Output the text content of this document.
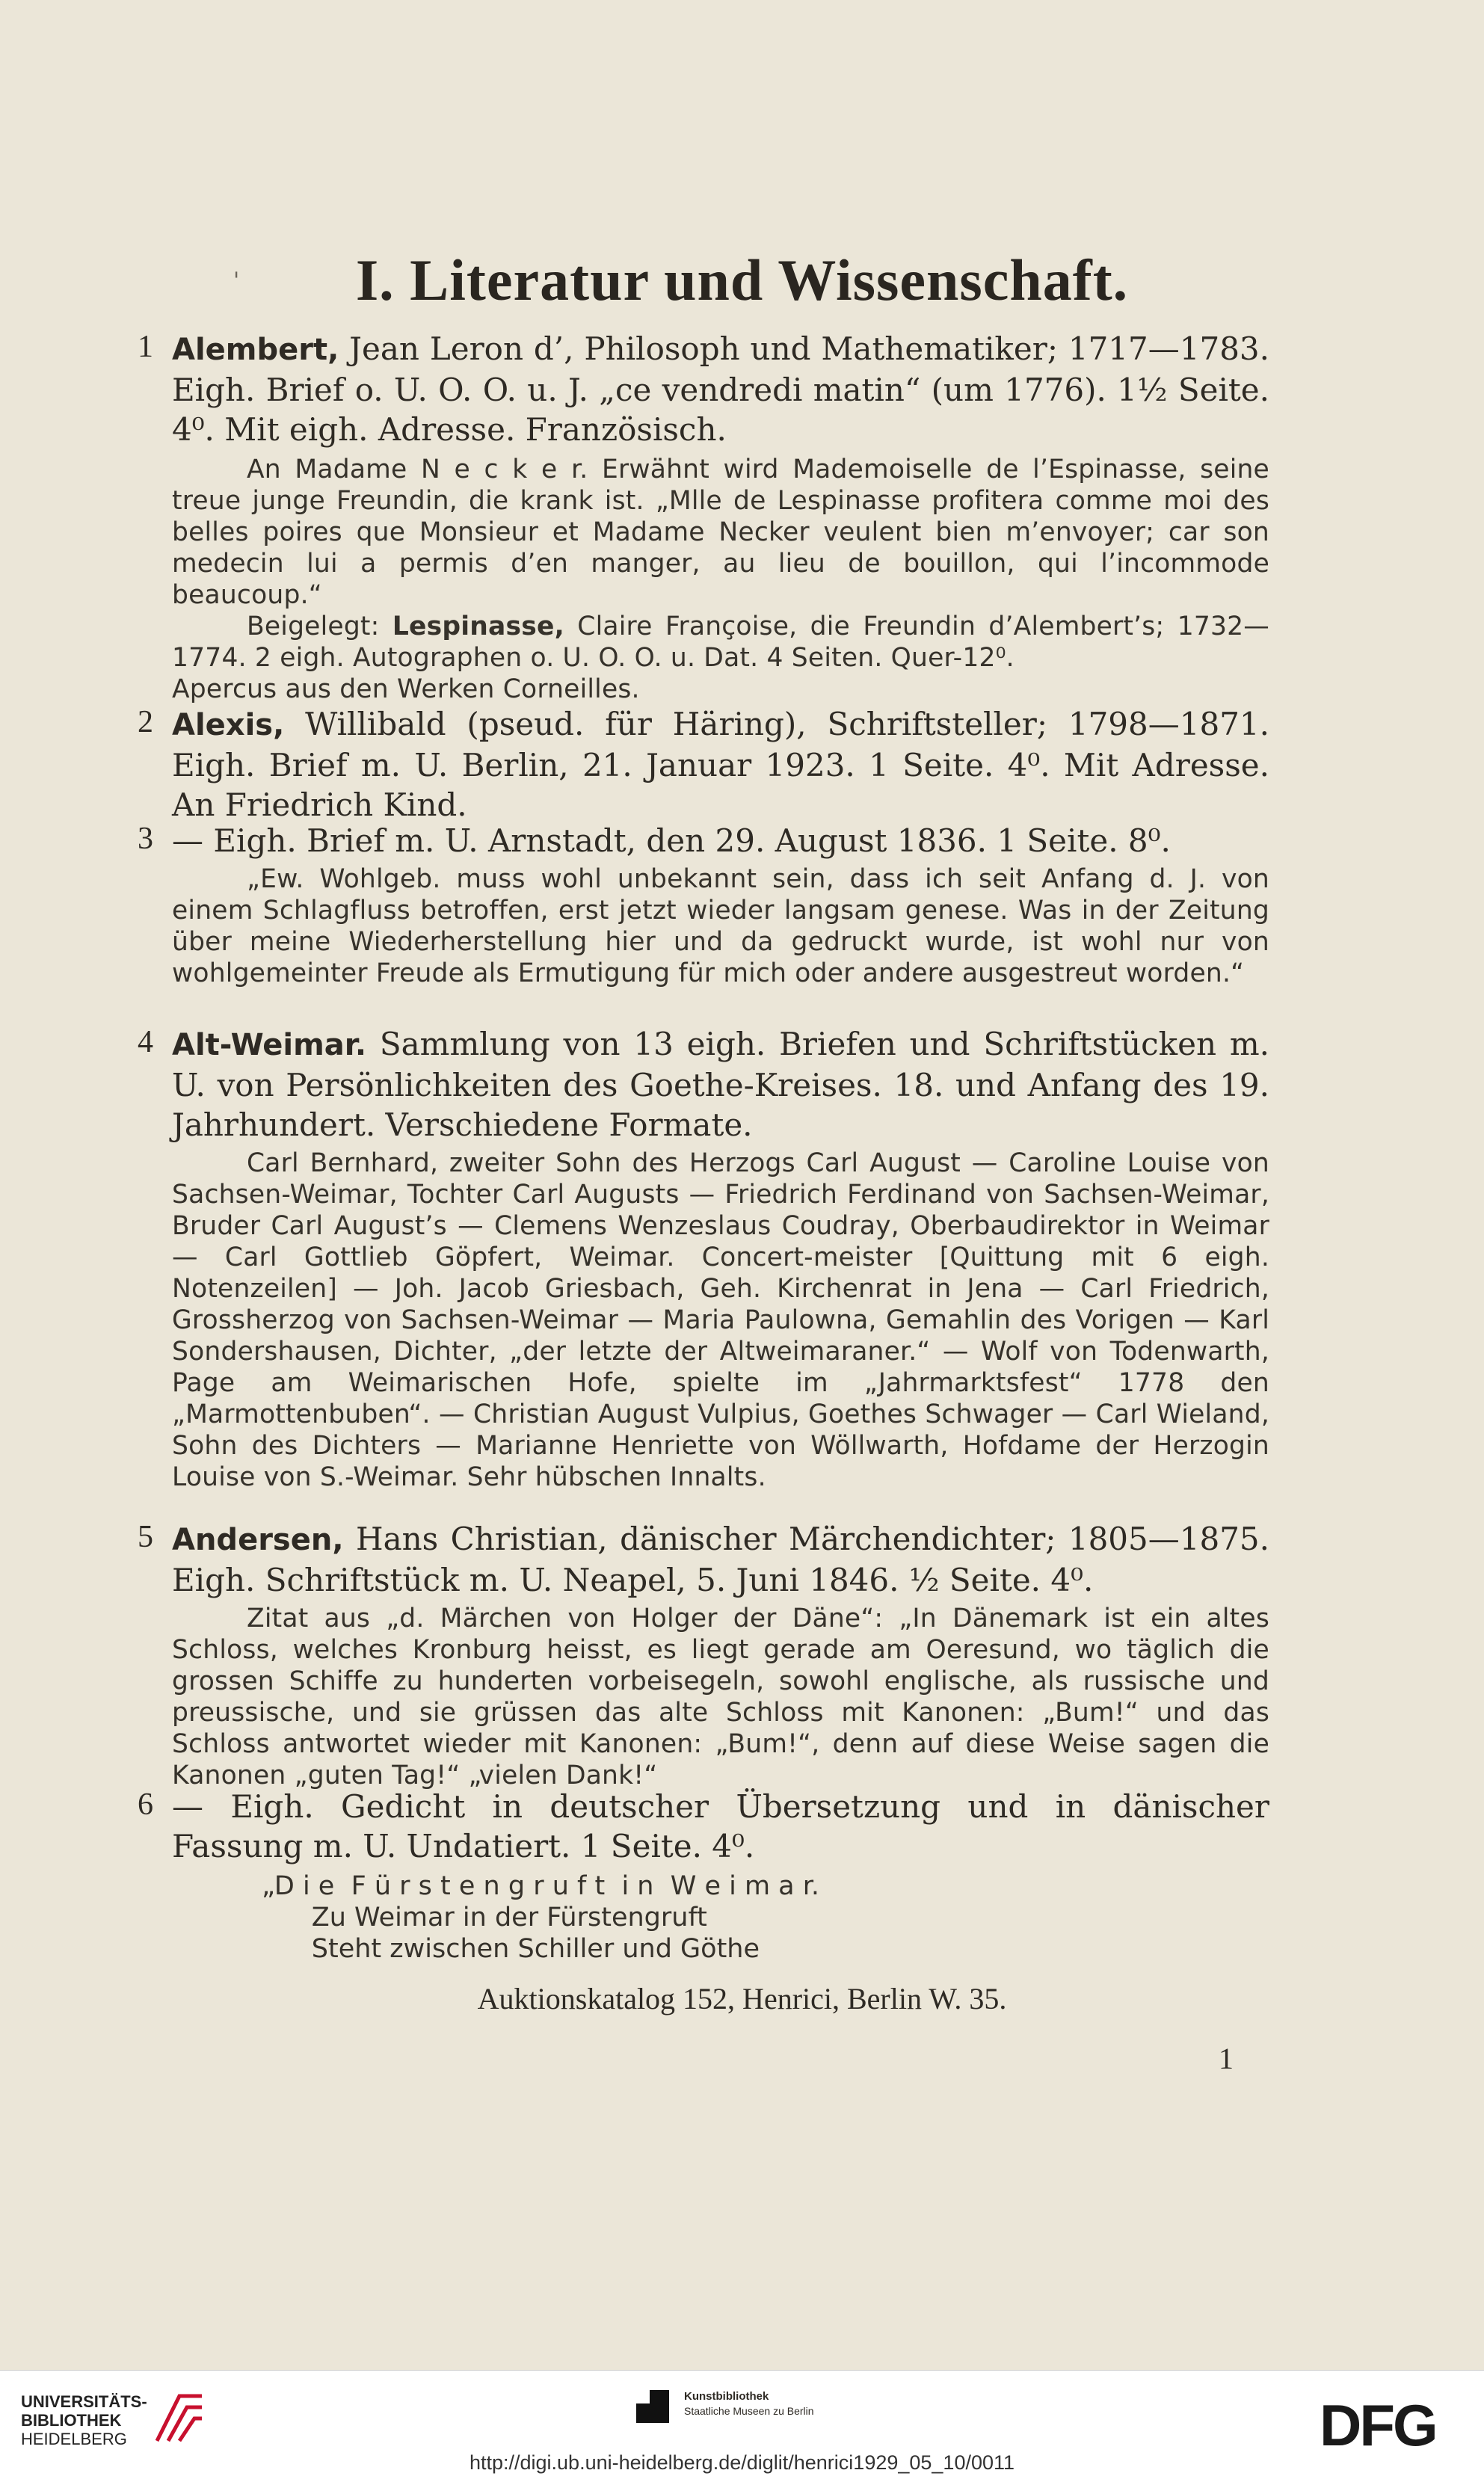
'	I. Literatur und Wissenschaft.
1 Alembert, Jean Leron d’, Philosoph und Mathematiker; 1717—1783. Eigh. Brief o. U. O. O. u. J. „ce vendredi matin“ (um 1776). 1½ Seite. 4⁰. Mit eigh. Adresse. Französisch.

An Madame N e c k e r. Erwähnt wird Mademoiselle de l’Espinasse, seine treue junge Freundin, die krank ist. „Mlle de Lespinasse profitera comme moi des belles poires que Monsieur et Madame Necker veulent bien m’envoyer; car son medecin lui a permis d’en manger, au lieu de bouillon, qui l’incommode beaucoup.“

Beigelegt: Lespinasse, Claire Françoise, die Freundin d’Alembert’s; 1732—1774. 2 eigh. Autographen o. U. O. O. u. Dat. 4 Seiten. Quer-12⁰.

Apercus aus den Werken Corneilles.

2 Alexis, Willibald (pseud. für Häring), Schriftsteller; 1798—1871. Eigh. Brief m. U. Berlin, 21. Januar 1923. 1 Seite. 4⁰. Mit Adresse. An Friedrich Kind.

3 — Eigh. Brief m. U. Arnstadt, den 29. August 1836. 1 Seite. 8⁰.

„Ew. Wohlgeb. muss wohl unbekannt sein, dass ich seit Anfang d. J. von einem Schlagfluss betroffen, erst jetzt wieder langsam genese. Was in der Zeitung über meine Wiederherstellung hier und da gedruckt wurde, ist wohl nur von wohlgemeinter Freude als Ermutigung für mich oder andere ausgestreut worden.“

4 Alt-Weimar. Sammlung von 13 eigh. Briefen und Schriftstücken m. U. von Persönlichkeiten des Goethe-Kreises. 18. und Anfang des 19. Jahrhundert. Verschiedene Formate.

Carl Bernhard, zweiter Sohn des Herzogs Carl August — Caroline Louise von Sachsen-Weimar, Tochter Carl Augusts — Friedrich Ferdinand von Sachsen-Weimar, Bruder Carl August’s — Clemens Wenzeslaus Coudray, Oberbaudirektor in Weimar — Carl Gottlieb Göpfert, Weimar. Concert-meister [Quittung mit 6 eigh. Notenzeilen] — Joh. Jacob Griesbach, Geh. Kirchenrat in Jena — Carl Friedrich, Grossherzog von Sachsen-Weimar — Maria Paulowna, Gemahlin des Vorigen — Karl Sondershausen, Dichter, „der letzte der Altweimaraner.“ — Wolf von Todenwarth, Page am Weimarischen Hofe, spielte im „Jahrmarktsfest“ 1778 den „Marmottenbuben“. — Christian August Vulpius, Goethes Schwager — Carl Wieland, Sohn des Dichters — Marianne Henriette von Wöllwarth, Hofdame der Herzogin Louise von S.-Weimar. Sehr hübschen Innalts.

5 Andersen, Hans Christian, dänischer Märchendichter; 1805—1875. Eigh. Schriftstück m. U. Neapel, 5. Juni 1846. ½ Seite. 4⁰.

Zitat aus „d. Märchen von Holger der Däne“: „In Dänemark ist ein altes Schloss, welches Kronburg heisst, es liegt gerade am Oeresund, wo täglich die grossen Schiffe zu hunderten vorbeisegeln, sowohl englische, als russische und preussische, und sie grüssen das alte Schloss mit Kanonen: „Bum!“ und das Schloss antwortet wieder mit Kanonen: „Bum!“, denn auf diese Weise sagen die Kanonen „guten Tag!“ „vielen Dank!“

6 — Eigh. Gedicht in deutscher Übersetzung und in dänischer Fassung m. U. Undatiert. 1 Seite. 4⁰.

„D i e  F ü r s t e n g r u f t  i n  W e i m a r.
Zu Weimar in der Fürstengruft
Steht zwischen Schiller und Göthe
Auktionskatalog 152, Henrici, Berlin W. 35.
1
UNIVERSITÄTS-
BIBLIOTHEK
HEIDELBERG
Kunstbibliothek
Staatliche Museen zu Berlin	DFG
http://digi.ub.uni-heidelberg.de/diglit/henrici1929_05_10/0011
